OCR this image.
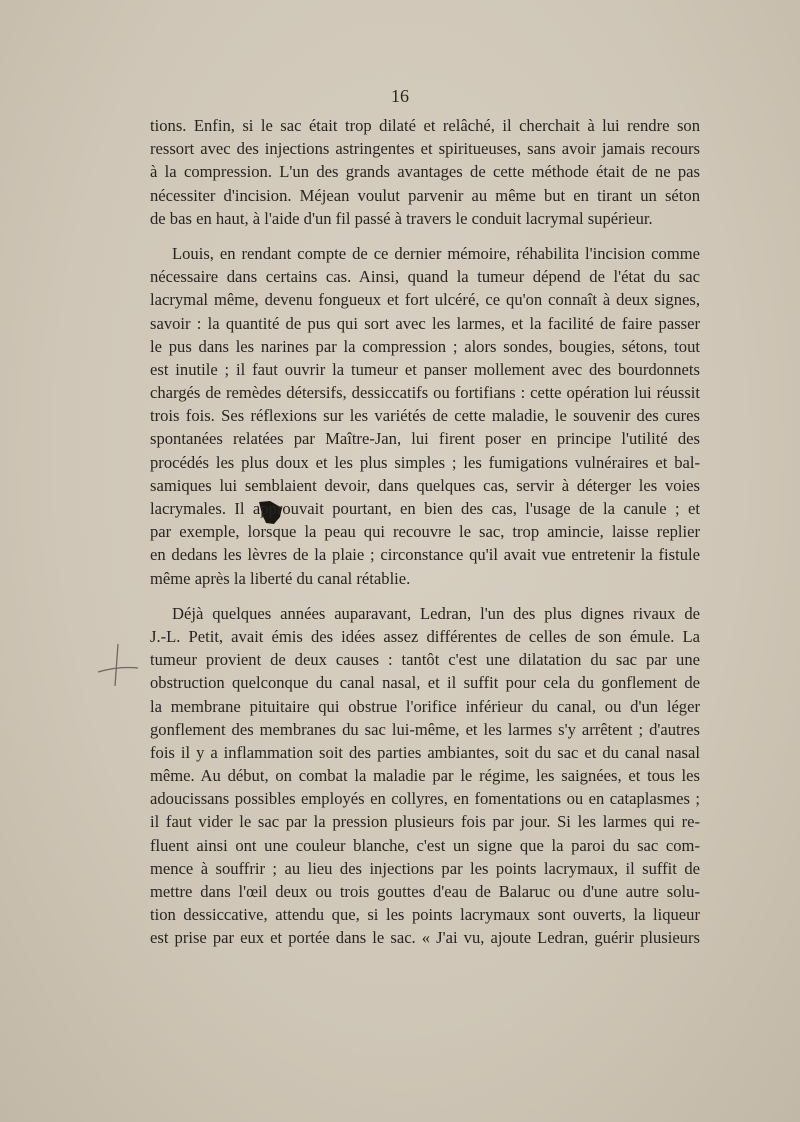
16
tions. Enfin, si le sac était trop dilaté et relâché, il cherchait à lui rendre son
ressort avec des injections astringentes et spiritueuses, sans avoir jamais recours
à la compression. L'un des grands avantages de cette méthode était de ne pas
nécessiter d'incision. Méjean voulut parvenir au même but en tirant un séton
de bas en haut, à l'aide d'un fil passé à travers le conduit lacrymal supérieur.
Louis, en rendant compte de ce dernier mémoire, réhabilita l'incision comme
nécessaire dans certains cas. Ainsi, quand la tumeur dépend de l'état du sac
lacrymal même, devenu fongueux et fort ulcéré, ce qu'on connaît à deux signes,
savoir : la quantité de pus qui sort avec les larmes, et la facilité de faire passer
le pus dans les narines par la compression ; alors sondes, bougies, sétons, tout
est inutile ; il faut ouvrir la tumeur et panser mollement avec des bourdonnets
chargés de remèdes détersifs, dessiccatifs ou fortifians : cette opération lui réussit
trois fois. Ses réflexions sur les variétés de cette maladie, le souvenir des cures
spontanées relatées par Maître-Jan, lui firent poser en principe l'utilité des
procédés les plus doux et les plus simples ; les fumigations vulnéraires et bal-
samiques lui semblaient devoir, dans quelques cas, servir à déterger les voies
lacrymales. Il approuvait pourtant, en bien des cas, l'usage de la canule ; et
par exemple, lorsque la peau qui recouvre le sac, trop amincie, laisse replier
en dedans les lèvres de la plaie ; circonstance qu'il avait vue entretenir la fistule
même après la liberté du canal rétablie.
Déjà quelques années auparavant, Ledran, l'un des plus dignes rivaux de
J.-L. Petit, avait émis des idées assez différentes de celles de son émule. La
tumeur provient de deux causes : tantôt c'est une dilatation du sac par une
obstruction quelconque du canal nasal, et il suffit pour cela du gonflement de
la membrane pituitaire qui obstrue l'orifice inférieur du canal, ou d'un léger
gonflement des membranes du sac lui-même, et les larmes s'y arrêtent ; d'autres
fois il y a inflammation soit des parties ambiantes, soit du sac et du canal nasal
même. Au début, on combat la maladie par le régime, les saignées, et tous les
adoucissans possibles employés en collyres, en fomentations ou en cataplasmes ;
il faut vider le sac par la pression plusieurs fois par jour. Si les larmes qui re-
fluent ainsi ont une couleur blanche, c'est un signe que la paroi du sac com-
mence à souffrir ; au lieu des injections par les points lacrymaux, il suffit de
mettre dans l'œil deux ou trois gouttes d'eau de Balaruc ou d'une autre solu-
tion dessiccative, attendu que, si les points lacrymaux sont ouverts, la liqueur
est prise par eux et portée dans le sac. « J'ai vu, ajoute Ledran, guérir plusieurs
